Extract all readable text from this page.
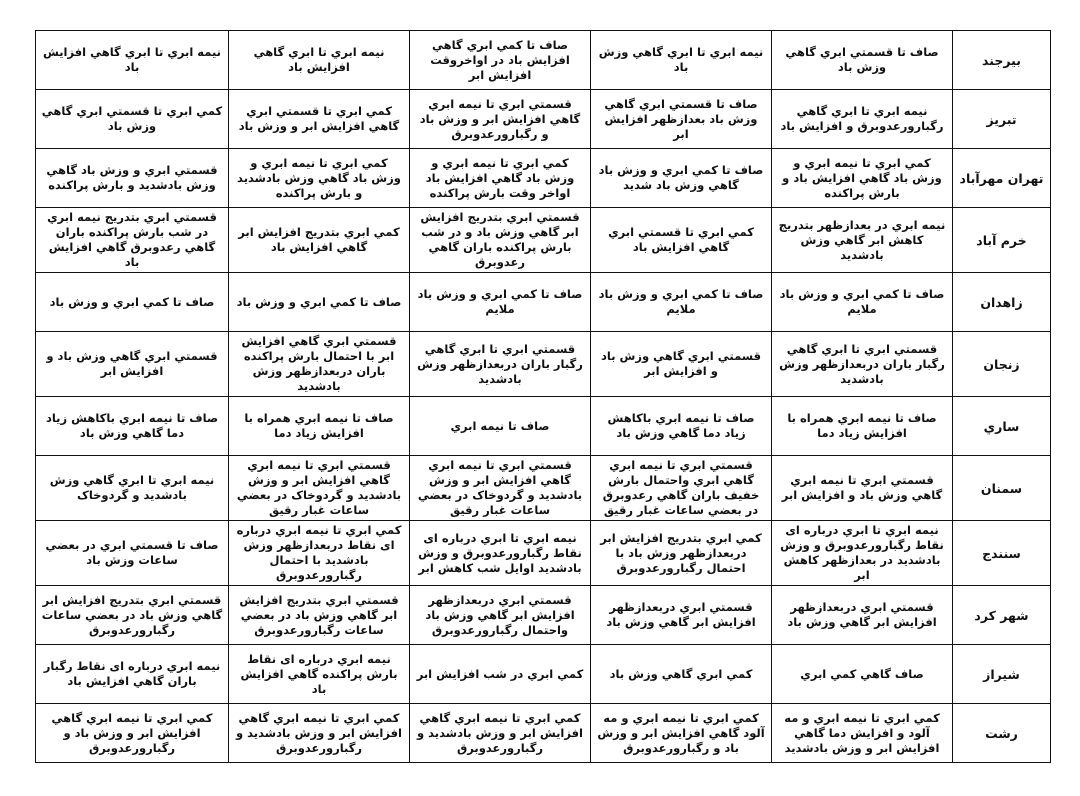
بيرجند	صاف تا قسمتي ابري گاهي وزش باد	نيمه ابري تا ابري گاهي وزش باد	صاف تا کمي ابري گاهي افزايش باد در اواخروقت افزايش ابر	نيمه ابري تا ابري گاهي افزايش باد	نيمه ابري تا ابري گاهي افزايش باد
تبريز	نيمه ابري تا ابري گاهي رگبارورعدوبرق و افزايش باد	صاف تا قسمتي ابري گاهي وزش باد بعدازظهر افزايش ابر	قسمتي ابري تا نيمه ابري گاهي افزايش ابر و وزش باد و رگبارورعدوبرق	کمي ابري تا قسمتي ابري گاهي افزايش ابر و وزش باد	کمي ابري تا قسمتي ابري گاهي وزش باد
تهران مهرآباد	کمي ابري تا نيمه ابري و وزش باد گاهي افزايش باد و بارش پراکنده	صاف تا کمي ابري و وزش باد گاهي وزش باد شديد	کمي ابري تا نيمه ابري و وزش باد گاهي افزايش باد اواخر وقت بارش پراکنده	کمي ابري تا نيمه ابري و وزش باد گاهي وزش بادشديد و بارش پراکنده	قسمتي ابري و وزش باد گاهي وزش بادشديد و بارش پراکنده
خرم آباد	نيمه ابري در بعدازظهر بتدريج کاهش ابر گاهي وزش بادشديد	کمي ابري تا قسمتي ابري گاهي افزايش باد	قسمتي ابري بتدريج افزايش ابر گاهي وزش باد و در شب بارش پراکنده باران گاهي رعدوبرق	کمي ابري بتدريج افزايش ابر گاهي افزايش باد	قسمتي ابري بتدريج نيمه ابري در شب بارش پراکنده باران گاهي رعدوبرق گاهي افزايش باد
زاهدان	صاف تا کمي ابري و وزش باد ملايم	صاف تا کمي ابري و وزش باد ملايم	صاف تا کمي ابري و وزش باد ملايم	صاف تا کمي ابري و وزش باد	صاف تا کمي ابري و وزش باد
زنجان	قسمتي ابري تا ابري گاهي رگبار باران دربعدازظهر وزش بادشديد	قسمتي ابري گاهي وزش باد و افزايش ابر	قسمتي ابري تا ابري گاهي رگبار باران دربعدازظهر وزش بادشديد	قسمتي ابري گاهي افزايش ابر با احتمال بارش پراکنده باران دربعدازظهر وزش بادشديد	قسمتي ابري گاهي وزش باد و افزايش ابر
ساري	صاف تا نيمه ابري همراه با افزايش زياد دما	صاف تا نيمه ابري باکاهش زياد دما گاهي وزش باد	صاف تا نيمه ابري	صاف تا نيمه ابري همراه با افزايش زياد دما	صاف تا نيمه ابري باکاهش زياد دما گاهي وزش باد
سمنان	قسمتي ابري تا نيمه ابري گاهي وزش باد و افزايش ابر	قسمتي ابري تا نيمه ابري گاهي ابري واحتمال بارش خفيف باران گاهي رعدوبرق در بعضي ساعات غبار رقيق	قسمتي ابري تا نيمه ابري گاهي افزايش ابر و وزش بادشديد و گردوخاک در بعضي ساعات غبار رقيق	قسمتي ابري تا نيمه ابري گاهي افزايش ابر و وزش بادشديد و گردوخاک در بعضي ساعات غبار رقيق	نيمه ابري تا ابري گاهي وزش بادشديد و گردوخاک
سنندج	نيمه ابري تا ابري درباره اى نقاط رگبارورعدوبرق و وزش بادشديد در بعدازظهر کاهش ابر	کمي ابري بتدريج افزايش ابر دربعدازظهر وزش باد با احتمال رگبارورعدوبرق	نيمه ابري تا ابري درباره اى نقاط رگبارورعدوبرق و وزش بادشديد اوايل شب کاهش ابر	کمي ابري تا نيمه ابري درباره اى نقاط دربعدازظهر وزش بادشديد با احتمال رگبارورعدوبرق	صاف تا قسمتي ابري در بعضي ساعات وزش باد
شهر کرد	قسمتي ابري دربعدازظهر افزايش ابر گاهي وزش باد	قسمتي ابري دربعدازظهر افزايش ابر گاهي وزش باد	قسمتي ابري دربعدازظهر افزايش ابر گاهي وزش باد واحتمال رگبارورعدوبرق	قسمتي ابري بتدريج افزايش ابر گاهي وزش باد در بعضي ساعات رگبارورعدوبرق	قسمتي ابري بتدريج افزايش ابر گاهي وزش باد در بعضي ساعات رگبارورعدوبرق
شيراز	صاف گاهي کمي ابري	کمي ابري گاهي وزش باد	کمي ابري در شب افزايش ابر	نيمه ابري درباره اى نقاط بارش پراکنده گاهي افزايش باد	نيمه ابري درباره اى نقاط رگبار باران گاهي افزايش باد
رشت	کمي ابري تا نيمه ابري و مه آلود و افزايش دما گاهي افزايش ابر و وزش بادشديد	کمي ابري تا نيمه ابري و مه آلود گاهي افزايش ابر و وزش باد و رگبارورعدوبرق	کمي ابري تا نيمه ابري گاهي افزايش ابر و وزش بادشديد و رگبارورعدوبرق	کمي ابري تا نيمه ابري گاهي افزايش ابر و وزش بادشديد و رگبارورعدوبرق	کمي ابري تا نيمه ابري گاهي افزايش ابر و وزش باد و رگبارورعدوبرق
